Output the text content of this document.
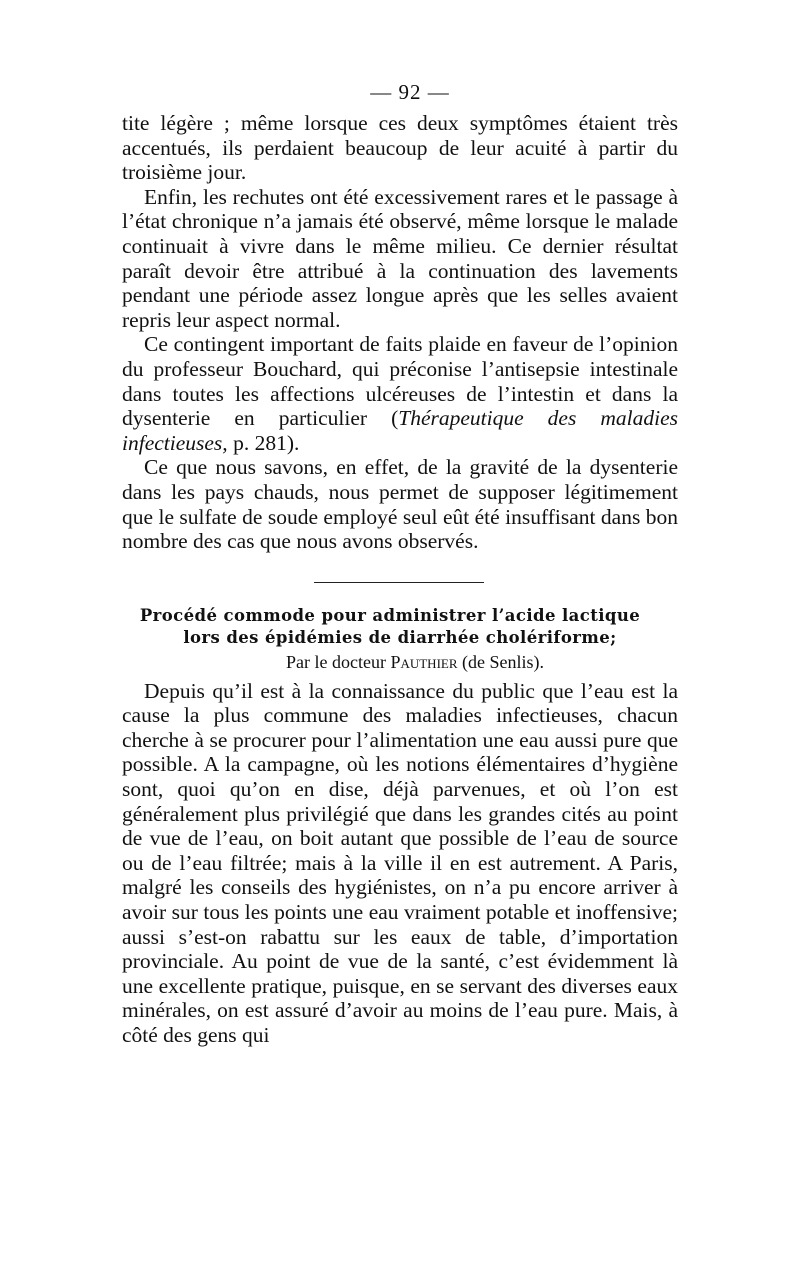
— 92 —

tite légère ; même lorsque ces deux symptômes étaient très accentués, ils perdaient beaucoup de leur acuité à partir du troisième jour.

Enfin, les rechutes ont été excessivement rares et le passage à l’état chronique n’a jamais été observé, même lorsque le malade continuait à vivre dans le même milieu. Ce dernier résultat paraît devoir être attribué à la continuation des lavements pendant une période assez longue après que les selles avaient repris leur aspect normal.

Ce contingent important de faits plaide en faveur de l’opinion du professeur Bouchard, qui préconise l’antisepsie intestinale dans toutes les affections ulcéreuses de l’intestin et dans la dysenterie en particulier (Thérapeutique des maladies infectieuses, p. 281).

Ce que nous savons, en effet, de la gravité de la dysenterie dans les pays chauds, nous permet de supposer légitimement que le sulfate de soude employé seul eût été insuffisant dans bon nombre des cas que nous avons observés.

Procédé commode pour administrer l’acide lactique
lors des épidémies de diarrhée cholériforme;
Par le docteur Pauthier (de Senlis).

Depuis qu’il est à la connaissance du public que l’eau est la cause la plus commune des maladies infectieuses, chacun cherche à se procurer pour l’alimentation une eau aussi pure que possible. A la campagne, où les notions élémentaires d’hygiène sont, quoi qu’on en dise, déjà parvenues, et où l’on est généralement plus privilégié que dans les grandes cités au point de vue de l’eau, on boit autant que possible de l’eau de source ou de l’eau filtrée; mais à la ville il en est autrement. A Paris, malgré les conseils des hygiénistes, on n’a pu encore arriver à avoir sur tous les points une eau vraiment potable et inoffensive; aussi s’est-on rabattu sur les eaux de table, d’importation provinciale. Au point de vue de la santé, c’est évidemment là une excellente pratique, puisque, en se servant des diverses eaux minérales, on est assuré d’avoir au moins de l’eau pure. Mais, à côté des gens qui
